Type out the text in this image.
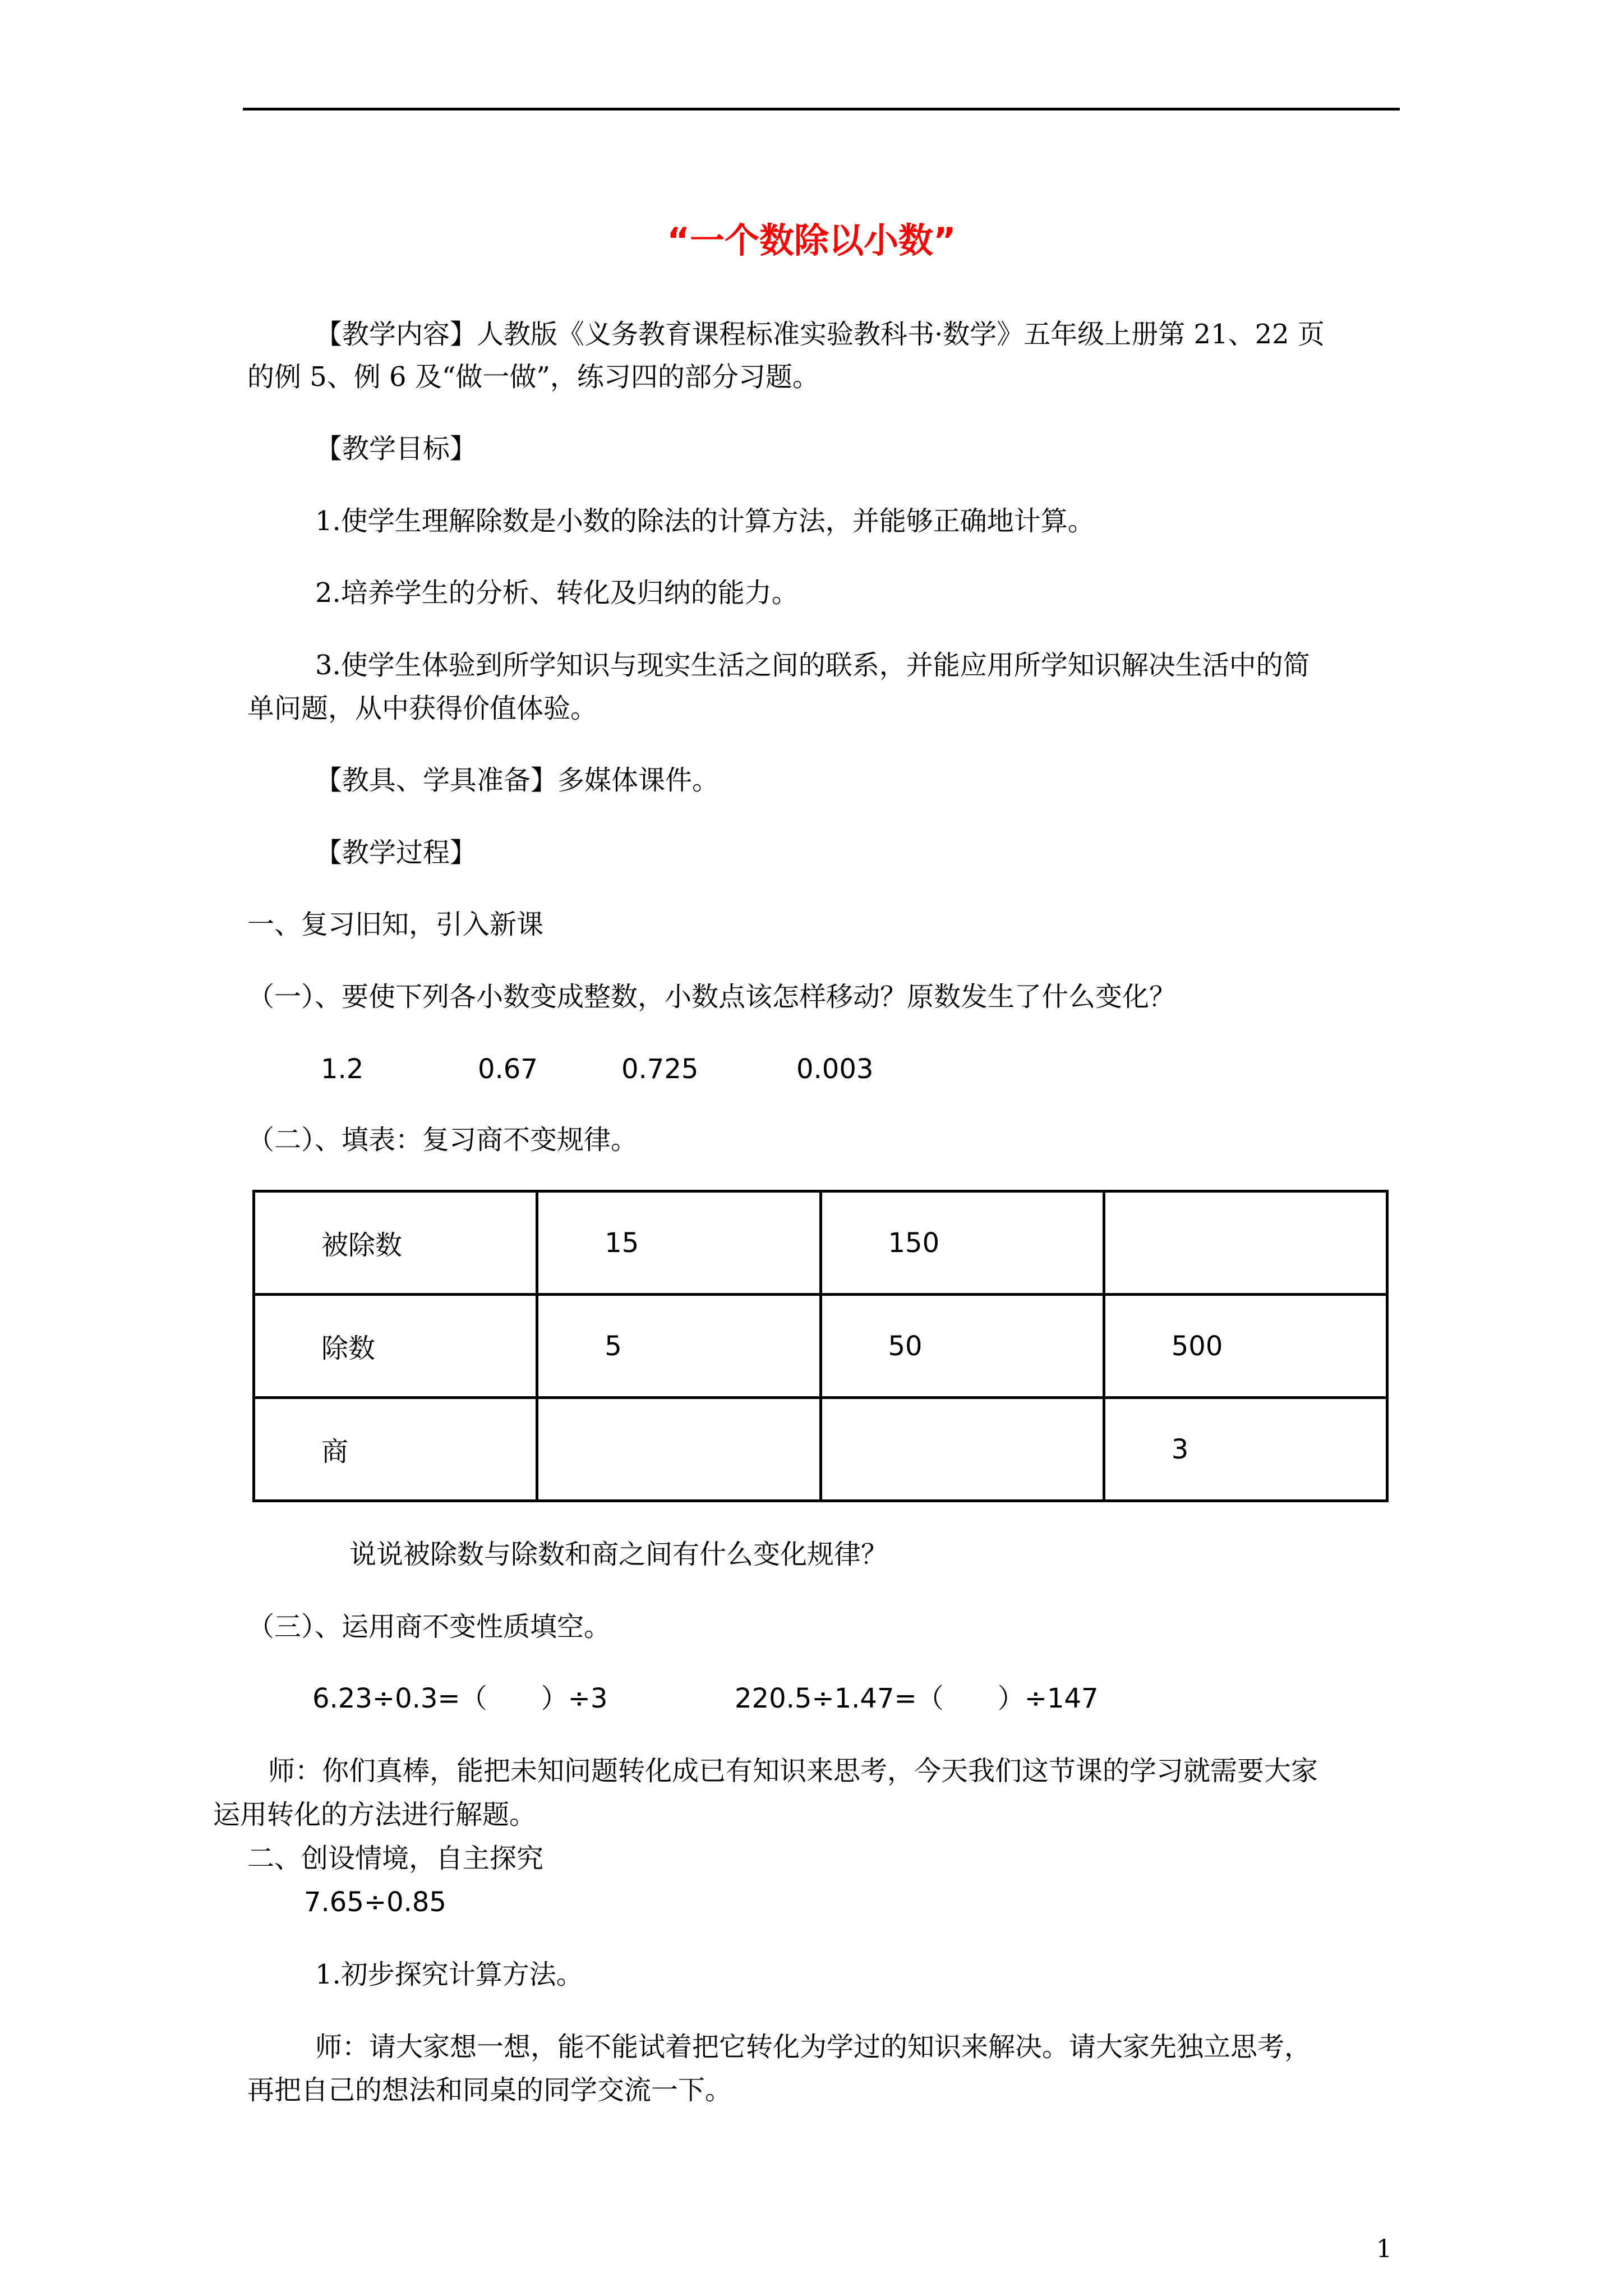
“一个数除以小数”
【教学内容】人教版《义务教育课程标准实验教科书·数学》五年级上册第 21、22 页
的例 5、例 6 及“做一做”，练习四的部分习题。
【教学目标】
1.使学生理解除数是小数的除法的计算方法，并能够正确地计算。
2.培养学生的分析、转化及归纳的能力。
3.使学生体验到所学知识与现实生活之间的联系，并能应用所学知识解决生活中的简
单问题，从中获得价值体验。
【教具、学具准备】多媒体课件。
【教学过程】
一、复习旧知，引入新课
（一）、要使下列各小数变成整数，小数点该怎样移动？原数发生了什么变化？
1.2	0.67	0.725	0.003
（二）、填表：复习商不变规律。
被除数	15	150	
除数	5	50	500
商			3
说说被除数与除数和商之间有什么变化规律？
（三）、运用商不变性质填空。
6.23÷0.3=（　　）÷3	220.5÷1.47=（　　）÷147
师：你们真棒，能把未知问题转化成已有知识来思考，今天我们这节课的学习就需要大家
运用转化的方法进行解题。
二、创设情境，自主探究
7.65÷0.85
1.初步探究计算方法。
师：请大家想一想，能不能试着把它转化为学过的知识来解决。请大家先独立思考，
再把自己的想法和同桌的同学交流一下。
1
